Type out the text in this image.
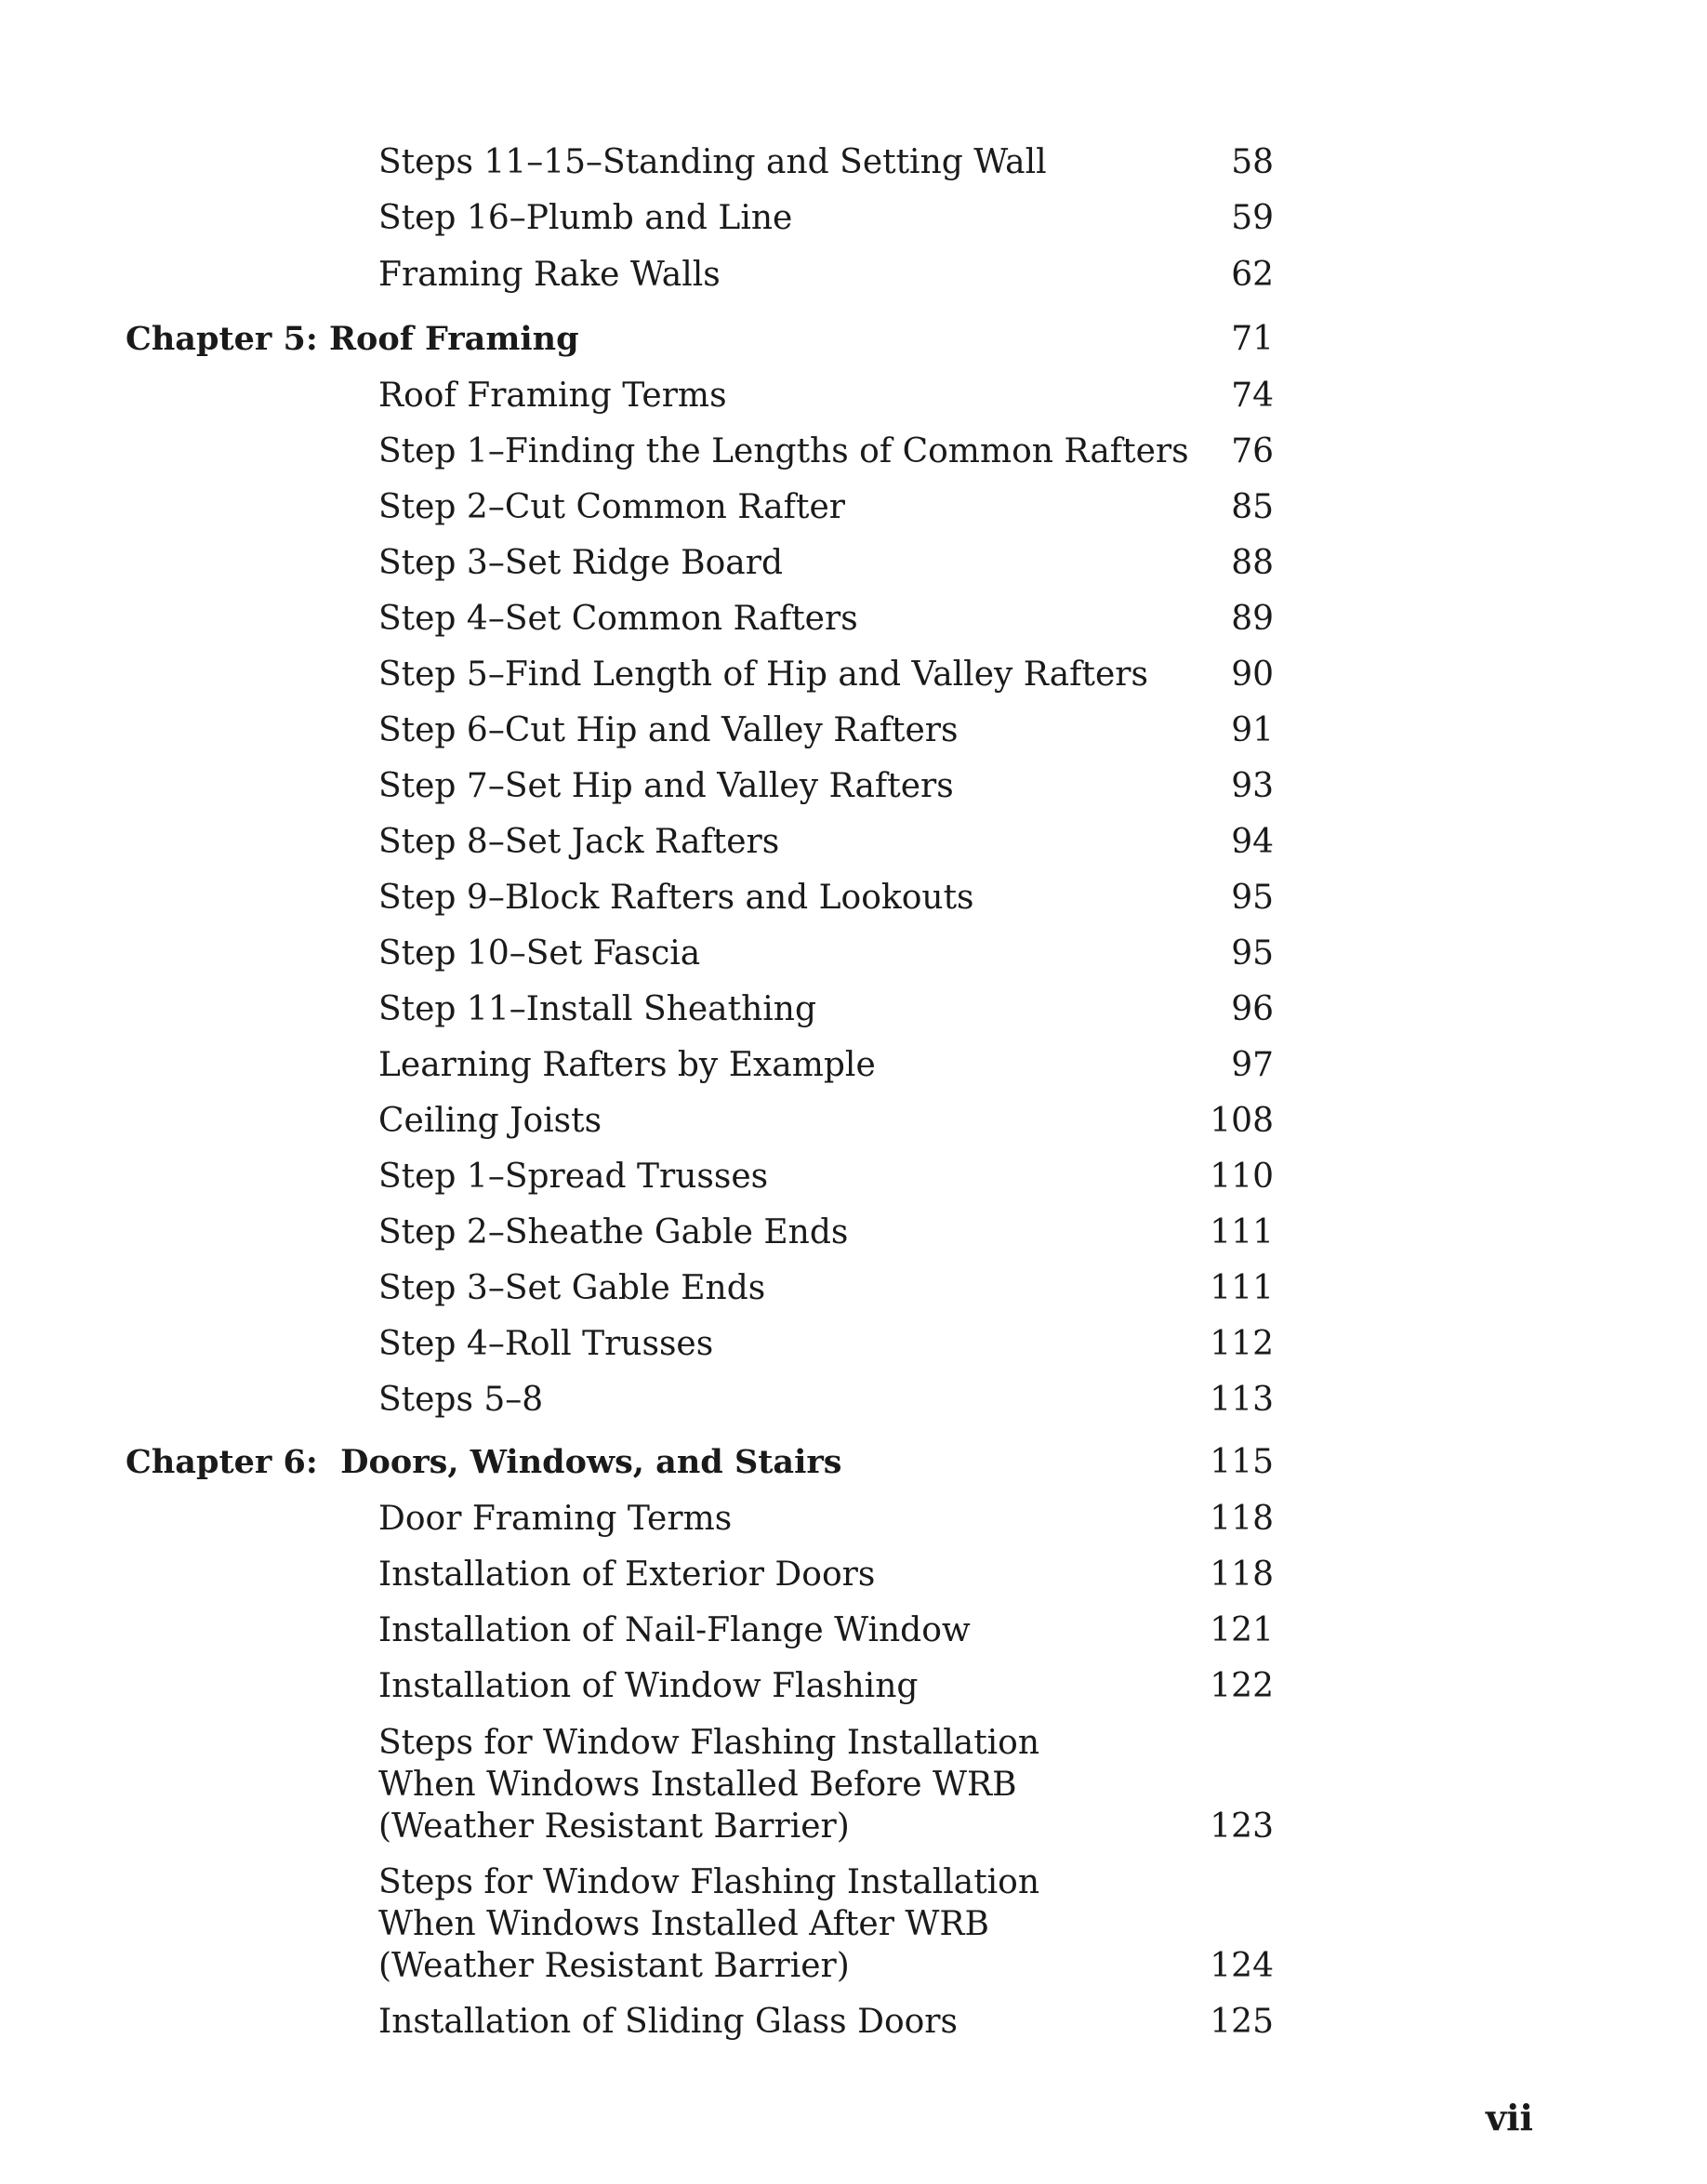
Steps 11–15–Standing and Setting Wall	58
Step 16–Plumb and Line	59
Framing Rake Walls	62
Chapter 5: Roof Framing	71
Roof Framing Terms	74
Step 1–Finding the Lengths of Common Rafters	76
Step 2–Cut Common Rafter	85
Step 3–Set Ridge Board	88
Step 4–Set Common Rafters	89
Step 5–Find Length of Hip and Valley Rafters	90
Step 6–Cut Hip and Valley Rafters	91
Step 7–Set Hip and Valley Rafters	93
Step 8–Set Jack Rafters	94
Step 9–Block Rafters and Lookouts	95
Step 10–Set Fascia	95
Step 11–Install Sheathing	96
Learning Rafters by Example	97
Ceiling Joists	108
Step 1–Spread Trusses	110
Step 2–Sheathe Gable Ends	111
Step 3–Set Gable Ends	111
Step 4–Roll Trusses	112
Steps 5–8	113
Chapter 6:  Doors, Windows, and Stairs	115
Door Framing Terms	118
Installation of Exterior Doors	118
Installation of Nail-Flange Window	121
Installation of Window Flashing	122
Steps for Window Flashing Installation When Windows Installed Before WRB (Weather Resistant Barrier)	123
Steps for Window Flashing Installation When Windows Installed After WRB (Weather Resistant Barrier)	124
Installation of Sliding Glass Doors	125
vii
